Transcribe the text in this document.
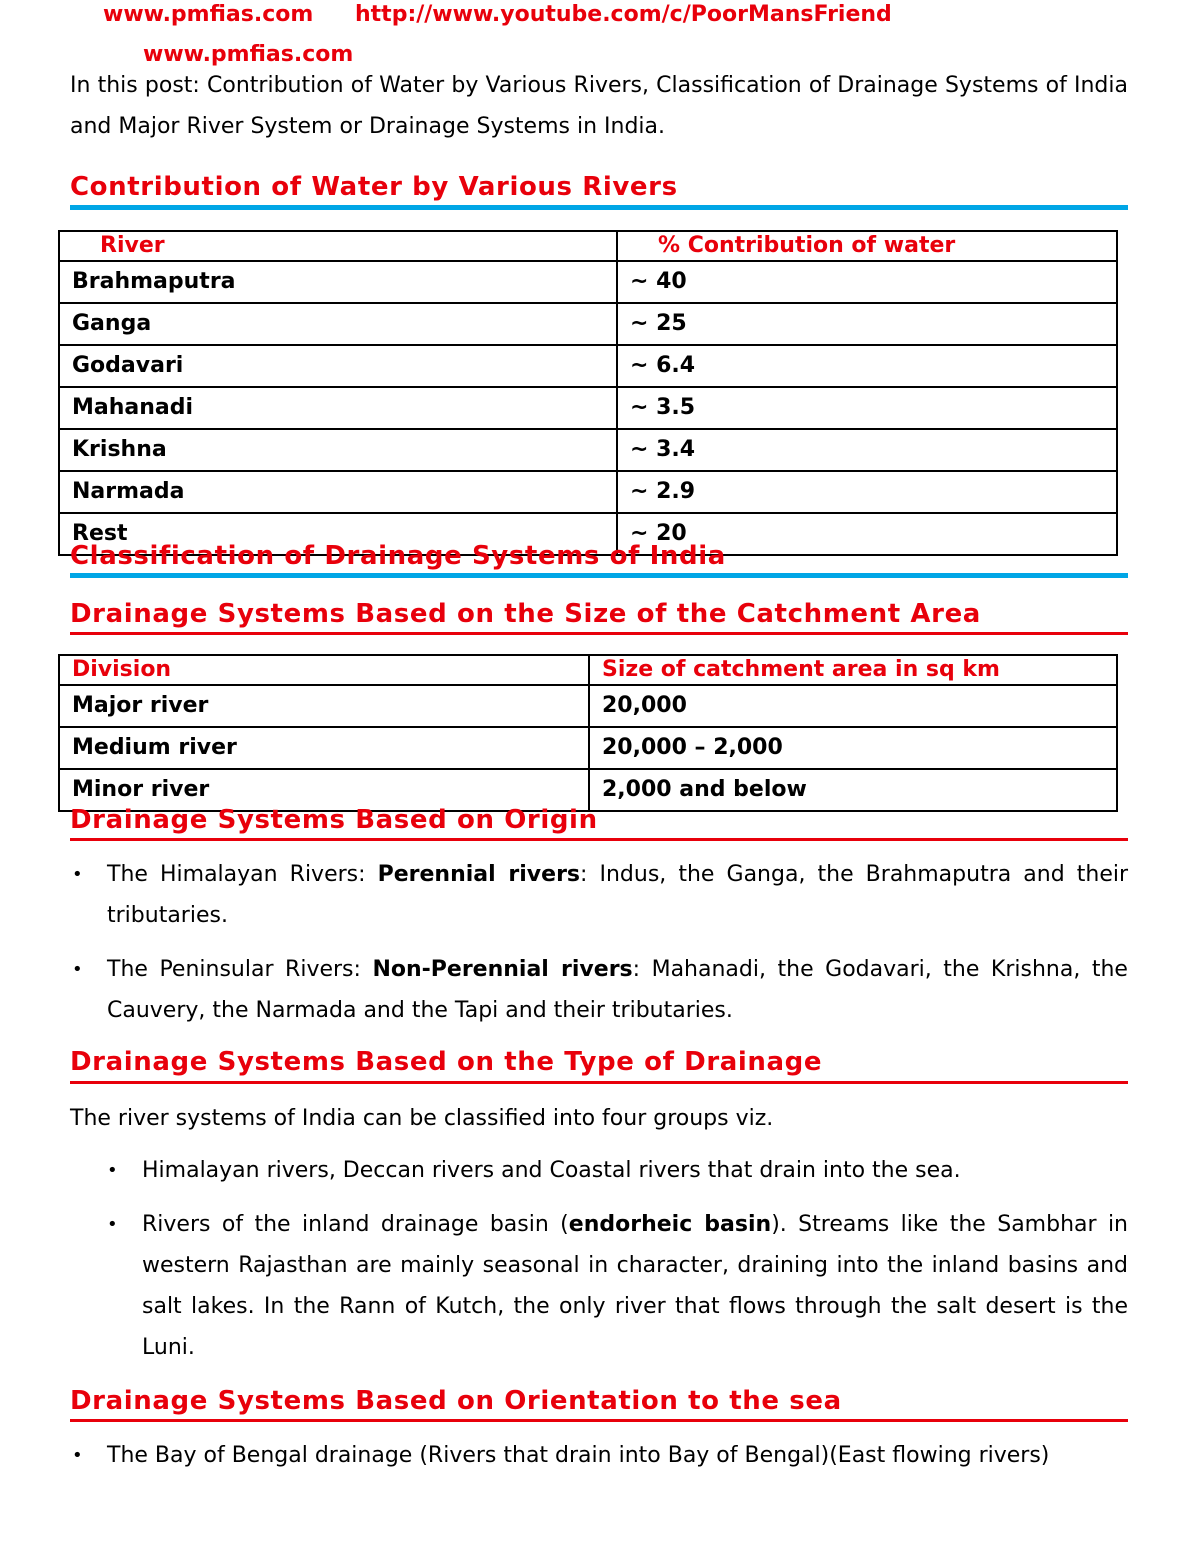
www.pmfias.com http://www.youtube.com/c/PoorMansFriend
www.pmfias.com
In this post: Contribution of Water by Various Rivers, Classification of Drainage Systems of India and Major River System or Drainage Systems in India.
Contribution of Water by Various Rivers
River	% Contribution of water
Brahmaputra	~ 40
Ganga	~ 25
Godavari	~ 6.4
Mahanadi	~ 3.5
Krishna	~ 3.4
Narmada	~ 2.9
Rest	~ 20
Classification of Drainage Systems of India
Drainage Systems Based on the Size of the Catchment Area
Division	Size of catchment area in sq km
Major river	20,000
Medium river	20,000 – 2,000
Minor river	2,000 and below
Drainage Systems Based on Origin
• The Himalayan Rivers: Perennial rivers: Indus, the Ganga, the Brahmaputra and their tributaries.
• The Peninsular Rivers: Non-Perennial rivers: Mahanadi, the Godavari, the Krishna, the Cauvery, the Narmada and the Tapi and their tributaries.
Drainage Systems Based on the Type of Drainage
The river systems of India can be classified into four groups viz.
• Himalayan rivers, Deccan rivers and Coastal rivers that drain into the sea.
• Rivers of the inland drainage basin (endorheic basin). Streams like the Sambhar in western Rajasthan are mainly seasonal in character, draining into the inland basins and salt lakes. In the Rann of Kutch, the only river that flows through the salt desert is the Luni.
Drainage Systems Based on Orientation to the sea
• The Bay of Bengal drainage (Rivers that drain into Bay of Bengal)(East flowing rivers)
